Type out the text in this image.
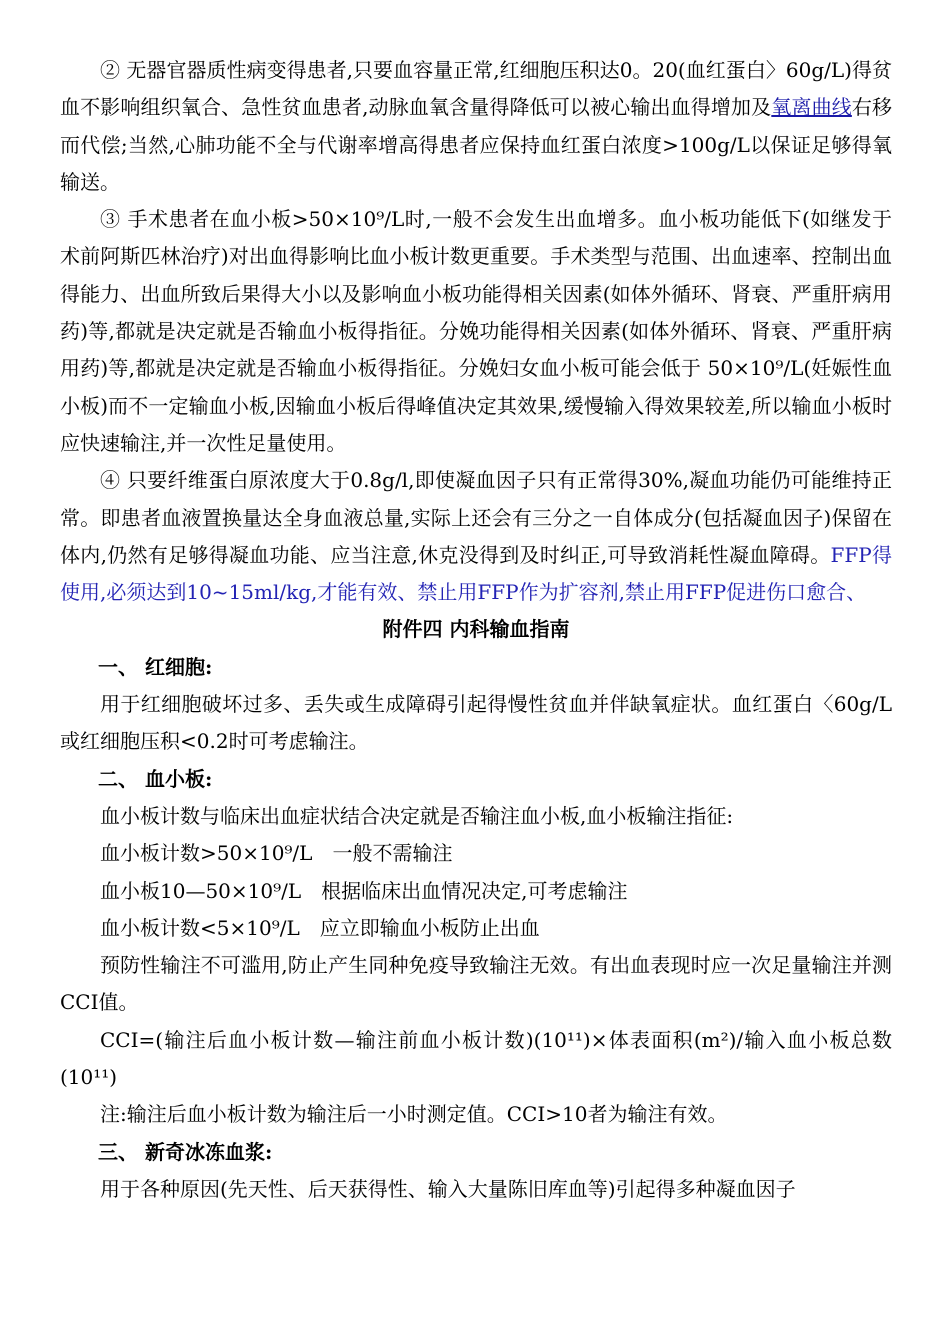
② 无器官器质性病变得患者,只要血容量正常,红细胞压积达0。20(血红蛋白〉60g/L)得贫血不影响组织氧合、急性贫血患者,动脉血氧含量得降低可以被心输出血得增加及氧离曲线右移而代偿;当然,心肺功能不全与代谢率增高得患者应保持血红蛋白浓度>100g/L以保证足够得氧输送。

③ 手术患者在血小板>50×10⁹/L时,一般不会发生出血增多。血小板功能低下(如继发于术前阿斯匹林治疗)对出血得影响比血小板计数更重要。手术类型与范围、出血速率、控制出血得能力、出血所致后果得大小以及影响血小板功能得相关因素(如体外循环、肾衰、严重肝病用药)等,都就是决定就是否输血小板得指征。分娩功能得相关因素(如体外循环、肾衰、严重肝病用药)等,都就是决定就是否输血小板得指征。分娩妇女血小板可能会低于 50×10⁹/L(妊娠性血小板)而不一定输血小板,因输血小板后得峰值决定其效果,缓慢输入得效果较差,所以输血小板时应快速输注,并一次性足量使用。

④ 只要纤维蛋白原浓度大于0.8g/l,即使凝血因子只有正常得30%,凝血功能仍可能维持正常。即患者血液置换量达全身血液总量,实际上还会有三分之一自体成分(包括凝血因子)保留在体内,仍然有足够得凝血功能、应当注意,休克没得到及时纠正,可导致消耗性凝血障碍。FFP得使用,必须达到10~15ml/kg,才能有效、禁止用FFP作为扩容剂,禁止用FFP促进伤口愈合、

附件四 内科输血指南

一、 红细胞:

用于红细胞破坏过多、丢失或生成障碍引起得慢性贫血并伴缺氧症状。血红蛋白〈60g/L或红细胞压积<0.2时可考虑输注。

二、 血小板:

血小板计数与临床出血症状结合决定就是否输注血小板,血小板输注指征:

血小板计数>50×10⁹/L 一般不需输注

血小板10—50×10⁹/L 根据临床出血情况决定,可考虑输注

血小板计数<5×10⁹/L 应立即输血小板防止出血

预防性输注不可滥用,防止产生同种免疫导致输注无效。有出血表现时应一次足量输注并测CCI值。

CCI=(输注后血小板计数—输注前血小板计数)(10¹¹)×体表面积(m²)/输入血小板总数(10¹¹)

注:输注后血小板计数为输注后一小时测定值。CCI>10者为输注有效。

三、 新奇冰冻血浆:

用于各种原因(先天性、后天获得性、输入大量陈旧库血等)引起得多种凝血因子
